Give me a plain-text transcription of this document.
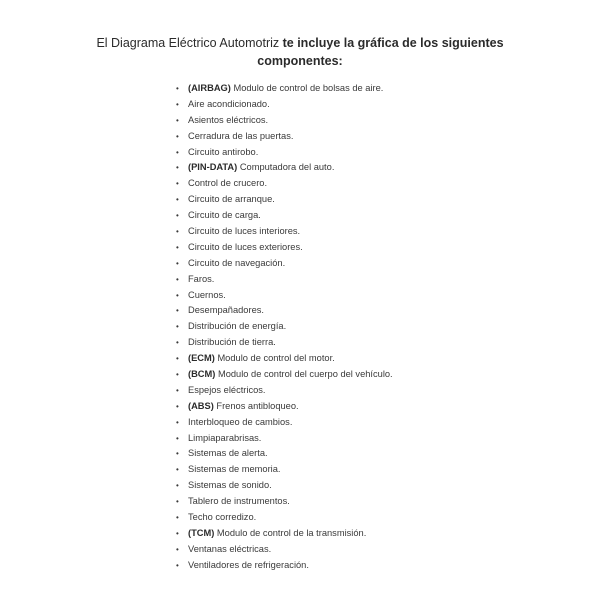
El Diagrama Eléctrico Automotriz te incluye la gráfica de los siguientes
componentes:
• (AIRBAG) Modulo de control de bolsas de aire.
• Aire acondicionado.
• Asientos eléctricos.
• Cerradura de las puertas.
• Circuito antirobo.
• (PIN-DATA) Computadora del auto.
• Control de crucero.
• Circuito de arranque.
• Circuito de carga.
• Circuito de luces interiores.
• Circuito de luces exteriores.
• Circuito de navegación.
• Faros.
• Cuernos.
• Desempañadores.
• Distribución de energía.
• Distribución de tierra.
• (ECM) Modulo de control del motor.
• (BCM) Modulo de control del cuerpo del vehículo.
• Espejos eléctricos.
• (ABS) Frenos antibloqueo.
• Interbloqueo de cambios.
• Limpiaparabrisas.
• Sistemas de alerta.
• Sistemas de memoria.
• Sistemas de sonido.
• Tablero de instrumentos.
• Techo corredizo.
• (TCM) Modulo de control de la transmisión.
• Ventanas eléctricas.
• Ventiladores de refrigeración.
